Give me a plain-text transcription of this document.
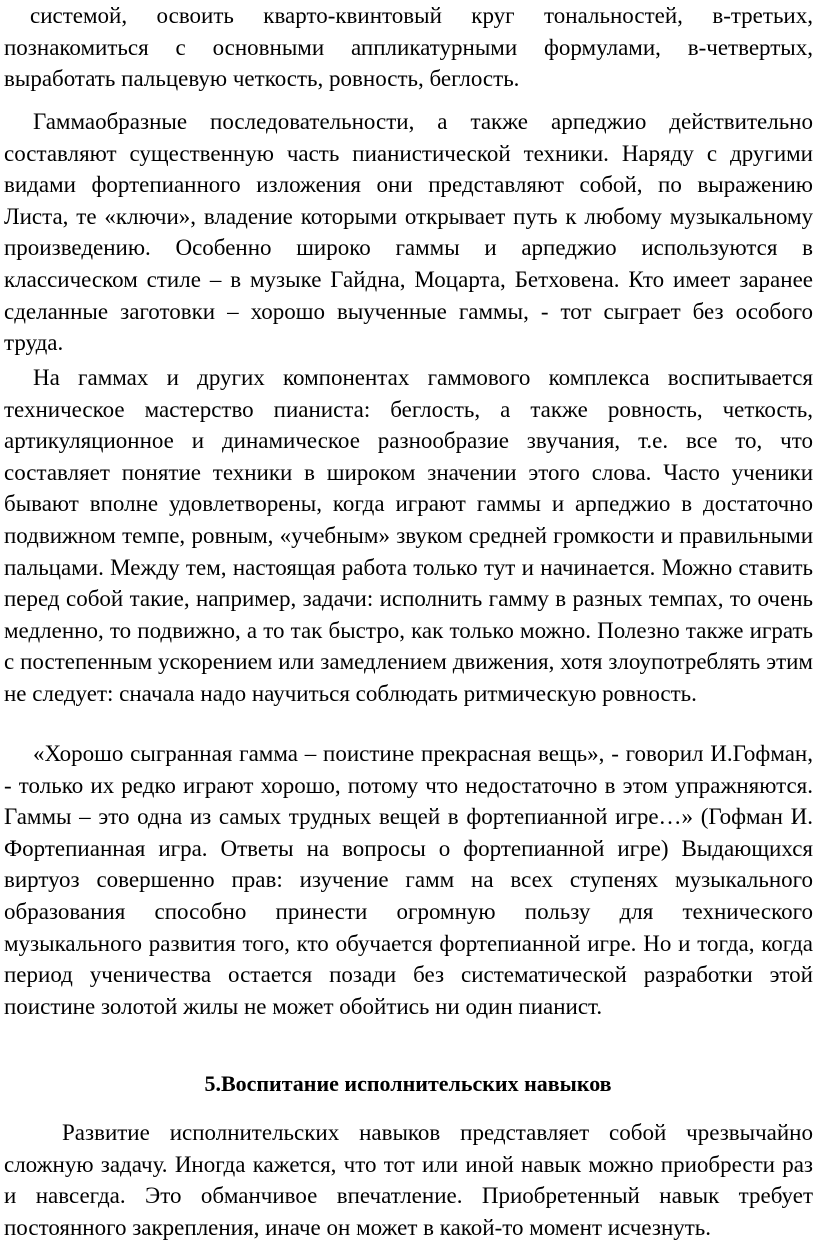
системой, освоить кварто-квинтовый круг тональностей, в-третьих, познакомиться с основными аппликатурными формулами, в-четвертых, выработать пальцевую четкость, ровность, беглость.

Гаммаобразные последовательности, а также арпеджио действительно составляют существенную часть пианистической техники. Наряду с другими видами фортепианного изложения они представляют собой, по выражению Листа, те «ключи», владение которыми открывает путь к любому музыкальному произведению. Особенно широко гаммы и арпеджио используются в классическом стиле – в музыке Гайдна, Моцарта, Бетховена. Кто имеет заранее сделанные заготовки – хорошо выученные гаммы, - тот сыграет без особого труда.

На гаммах и других компонентах гаммового комплекса воспитывается техническое мастерство пианиста: беглость, а также ровность, четкость, артикуляционное и динамическое разнообразие звучания, т.е. все то, что составляет понятие техники в широком значении этого слова. Часто ученики бывают вполне удовлетворены, когда играют гаммы и арпеджио в достаточно подвижном темпе, ровным, «учебным» звуком средней громкости и правильными пальцами. Между тем, настоящая работа только тут и начинается. Можно ставить перед собой такие, например, задачи: исполнить гамму в разных темпах, то очень медленно, то подвижно, а то так быстро, как только можно. Полезно также играть с постепенным ускорением или замедлением движения, хотя злоупотреблять этим не следует: сначала надо научиться соблюдать ритмическую ровность.

«Хорошо сыгранная гамма – поистине прекрасная вещь», - говорил И.Гофман, - только их редко играют хорошо, потому что недостаточно в этом упражняются. Гаммы – это одна из самых трудных вещей в фортепианной игре…» (Гофман И. Фортепианная игра. Ответы на вопросы о фортепианной игре) Выдающихся виртуоз совершенно прав: изучение гамм на всех ступенях музыкального образования способно принести огромную пользу для технического музыкального развития того, кто обучается фортепианной игре. Но и тогда, когда период ученичества остается позади без систематической разработки этой поистине золотой жилы не может обойтись ни один пианист.

5.Воспитание исполнительских навыков

Развитие исполнительских навыков представляет собой чрезвычайно сложную задачу. Иногда кажется, что тот или иной навык можно приобрести раз и навсегда. Это обманчивое впечатление. Приобретенный навык требует постоянного закрепления, иначе он может в какой-то момент исчезнуть.
